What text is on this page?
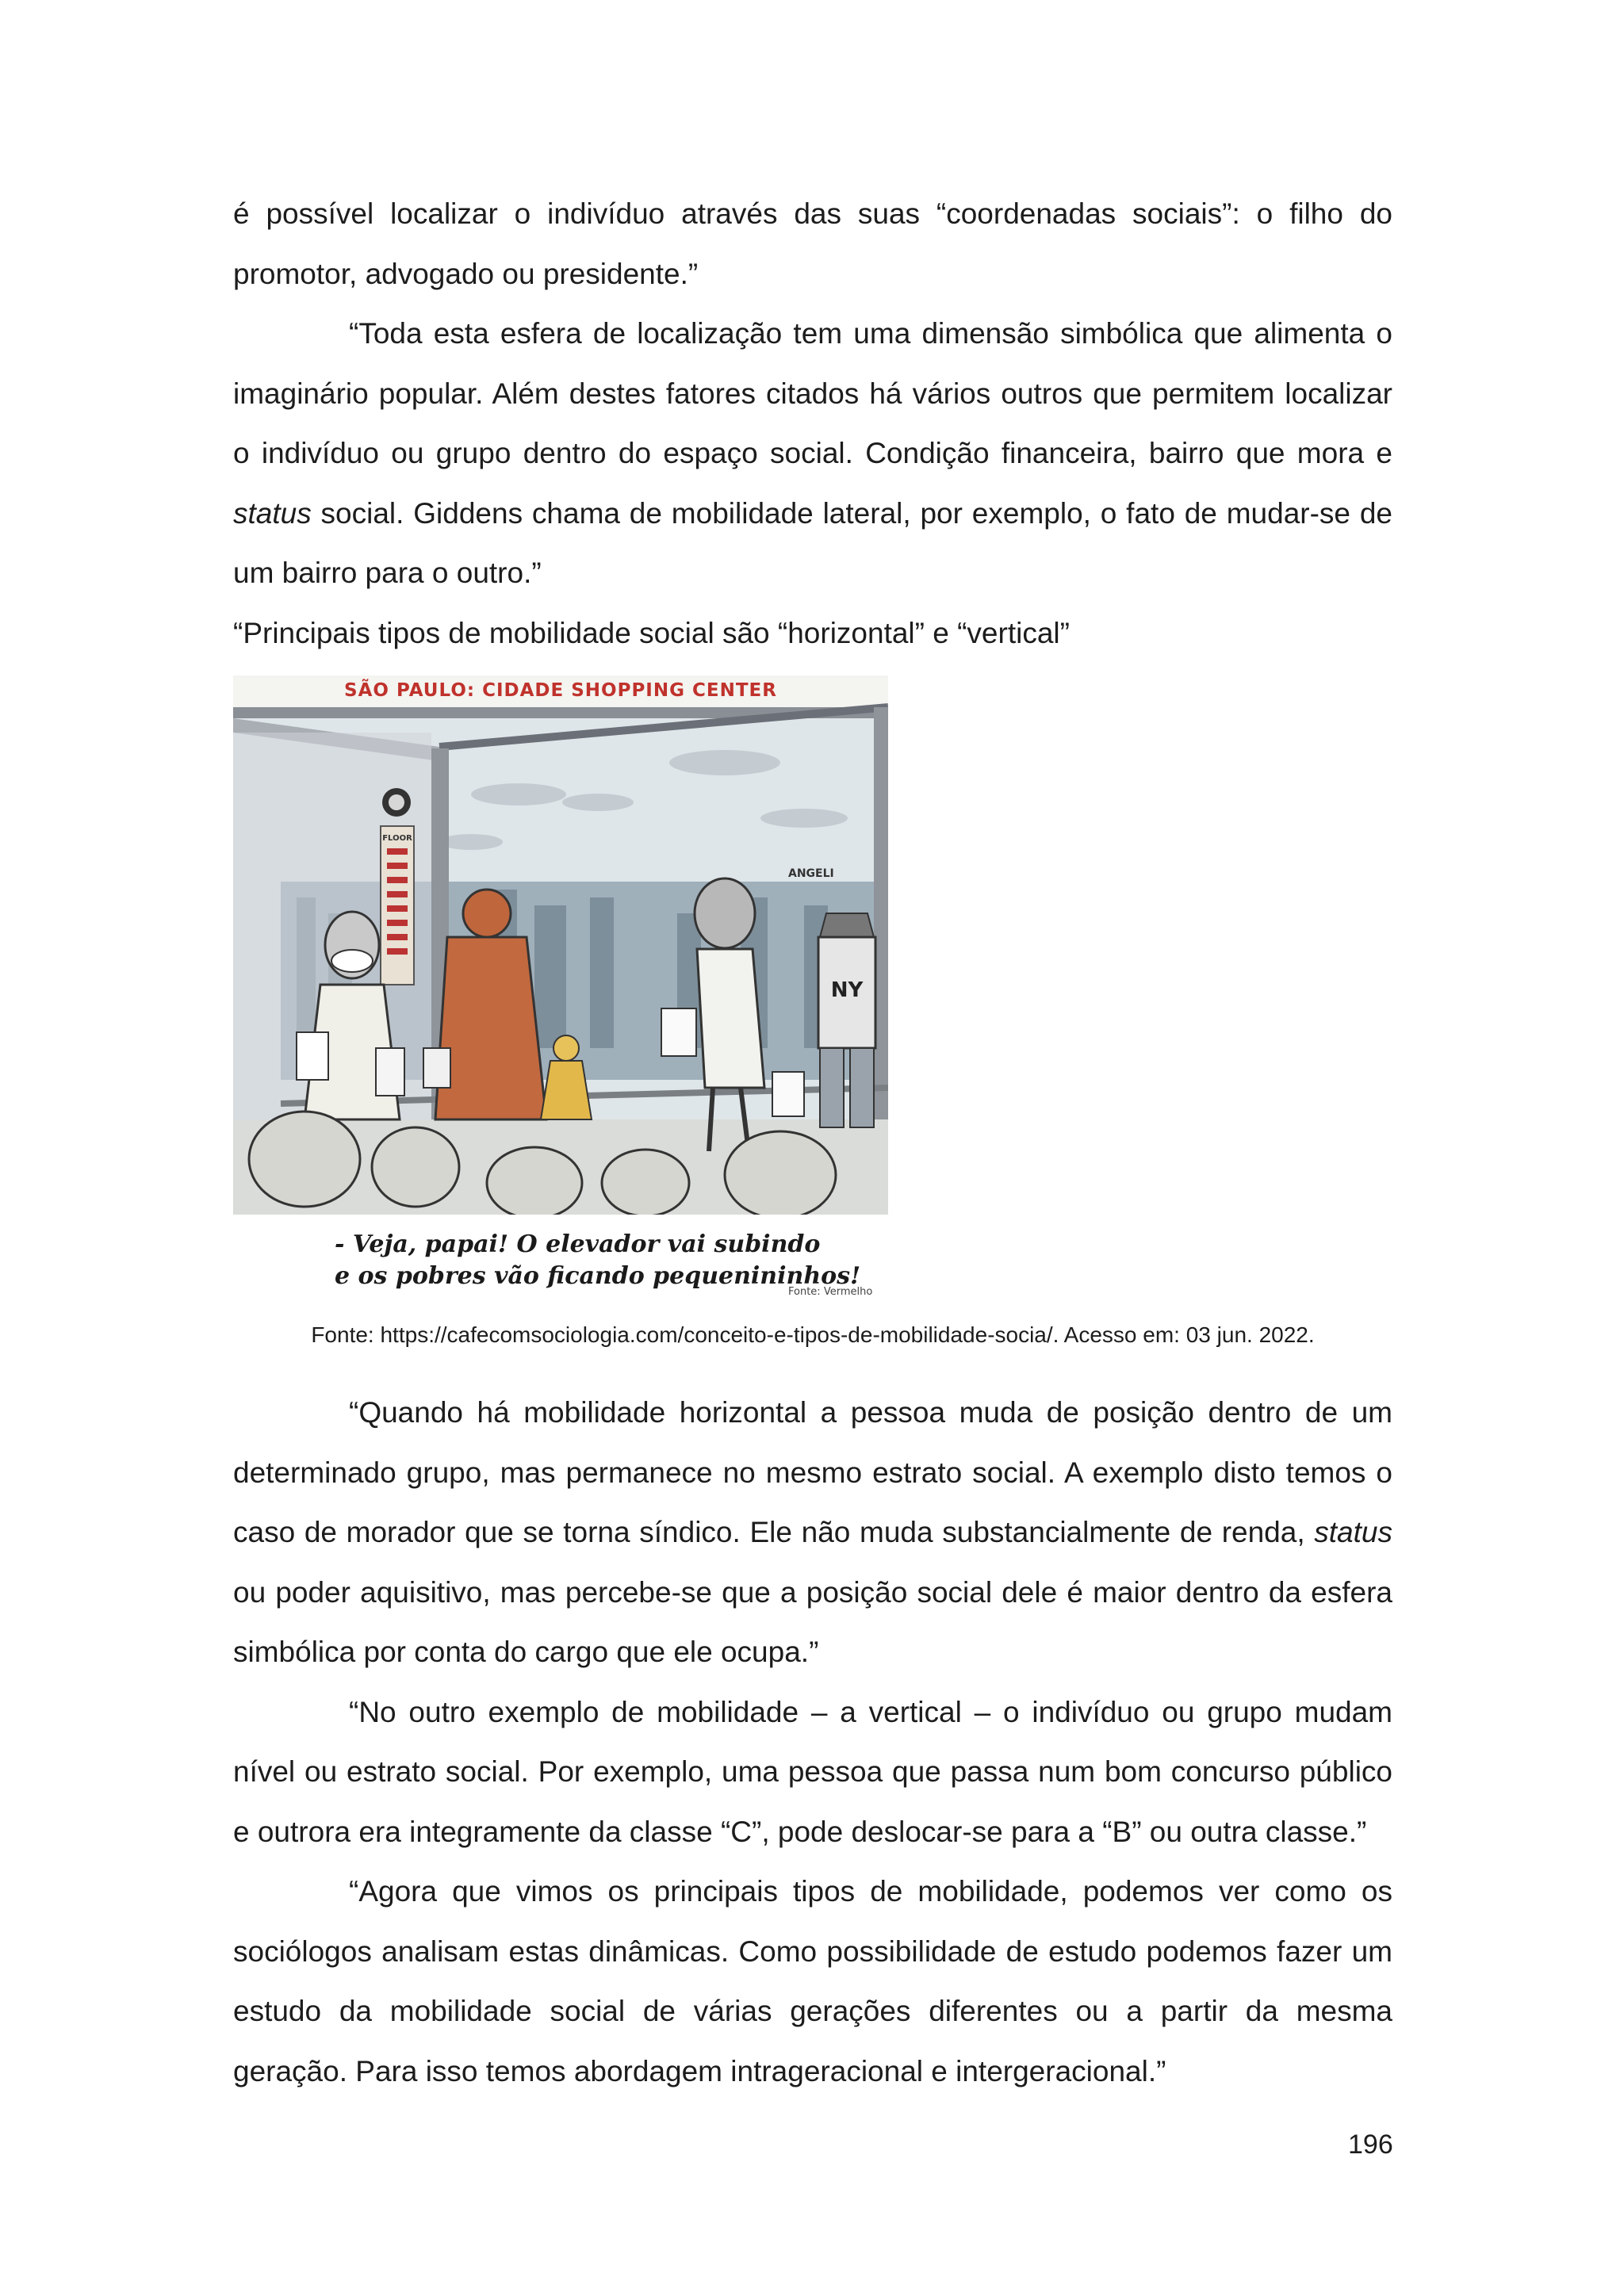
é possível localizar o indivíduo através das suas “coordenadas sociais”: o filho do promotor, advogado ou presidente.”

“Toda esta esfera de localização tem uma dimensão simbólica que alimenta o imaginário popular. Além destes fatores citados há vários outros que permitem localizar o indivíduo ou grupo dentro do espaço social. Condição financeira, bairro que mora e status social. Giddens chama de mobilidade lateral, por exemplo, o fato de mudar-se de um bairro para o outro.”

“Principais tipos de mobilidade social são “horizontal” e “vertical”

FLOOR
NY
SÃO PAULO: CIDADE SHOPPING CENTER
ANGELI
- Veja, papai! O elevador vai subindo
e os pobres vão ficando pequenininhos!
Fonte: Vermelho
Fonte: https://cafecomsociologia.com/conceito-e-tipos-de-mobilidade-socia/. Acesso em: 03 jun. 2022.

“Quando há mobilidade horizontal a pessoa muda de posição dentro de um determinado grupo, mas permanece no mesmo estrato social. A exemplo disto temos o caso de morador que se torna síndico. Ele não muda substancialmente de renda, status ou poder aquisitivo, mas percebe-se que a posição social dele é maior dentro da esfera simbólica por conta do cargo que ele ocupa.”

“No outro exemplo de mobilidade – a vertical – o indivíduo ou grupo mudam nível ou estrato social. Por exemplo, uma pessoa que passa num bom concurso público e outrora era integramente da classe “C”, pode deslocar-se para a “B” ou outra classe.”

“Agora que vimos os principais tipos de mobilidade, podemos ver como os sociólogos analisam estas dinâmicas. Como possibilidade de estudo podemos fazer um estudo da mobilidade social de várias gerações diferentes ou a partir da mesma geração. Para isso temos abordagem intrageracional e intergeracional.”

196
